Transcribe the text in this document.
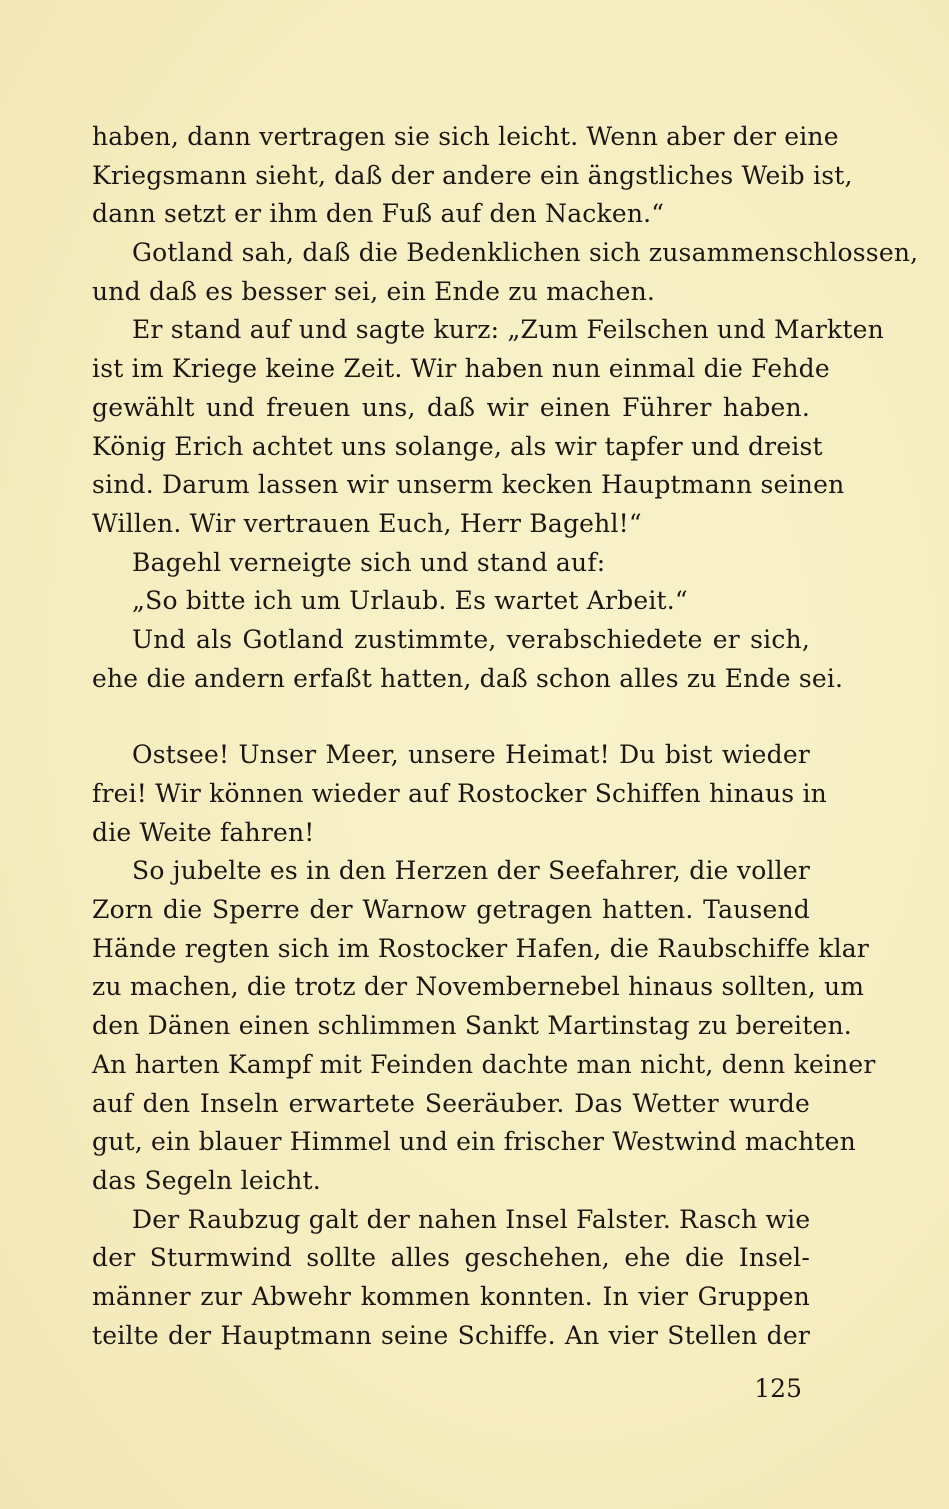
haben, dann vertragen sie sich leicht. Wenn aber der eine
Kriegsmann sieht, daß der andere ein ängstliches Weib ist,
dann setzt er ihm den Fuß auf den Nacken.“
Gotland sah, daß die Bedenklichen sich zusammenschlossen,
und daß es besser sei, ein Ende zu machen.
Er stand auf und sagte kurz: „Zum Feilschen und Markten
ist im Kriege keine Zeit. Wir haben nun einmal die Fehde
gewählt und freuen uns, daß wir einen Führer haben.
König Erich achtet uns solange, als wir tapfer und dreist
sind. Darum lassen wir unserm kecken Hauptmann seinen
Willen. Wir vertrauen Euch, Herr Bagehl!“
Bagehl verneigte sich und stand auf:
„So bitte ich um Urlaub. Es wartet Arbeit.“
Und als Gotland zustimmte, verabschiedete er sich,
ehe die andern erfaßt hatten, daß schon alles zu Ende sei.
Ostsee! Unser Meer, unsere Heimat! Du bist wieder
frei! Wir können wieder auf Rostocker Schiffen hinaus in
die Weite fahren!
So jubelte es in den Herzen der Seefahrer, die voller
Zorn die Sperre der Warnow getragen hatten. Tausend
Hände regten sich im Rostocker Hafen, die Raubschiffe klar
zu machen, die trotz der Novembernebel hinaus sollten, um
den Dänen einen schlimmen Sankt Martinstag zu bereiten.
An harten Kampf mit Feinden dachte man nicht, denn keiner
auf den Inseln erwartete Seeräuber. Das Wetter wurde
gut, ein blauer Himmel und ein frischer Westwind machten
das Segeln leicht.
Der Raubzug galt der nahen Insel Falster. Rasch wie
der Sturmwind sollte alles geschehen, ehe die Insel-
männer zur Abwehr kommen konnten. In vier Gruppen
teilte der Hauptmann seine Schiffe. An vier Stellen der
125
